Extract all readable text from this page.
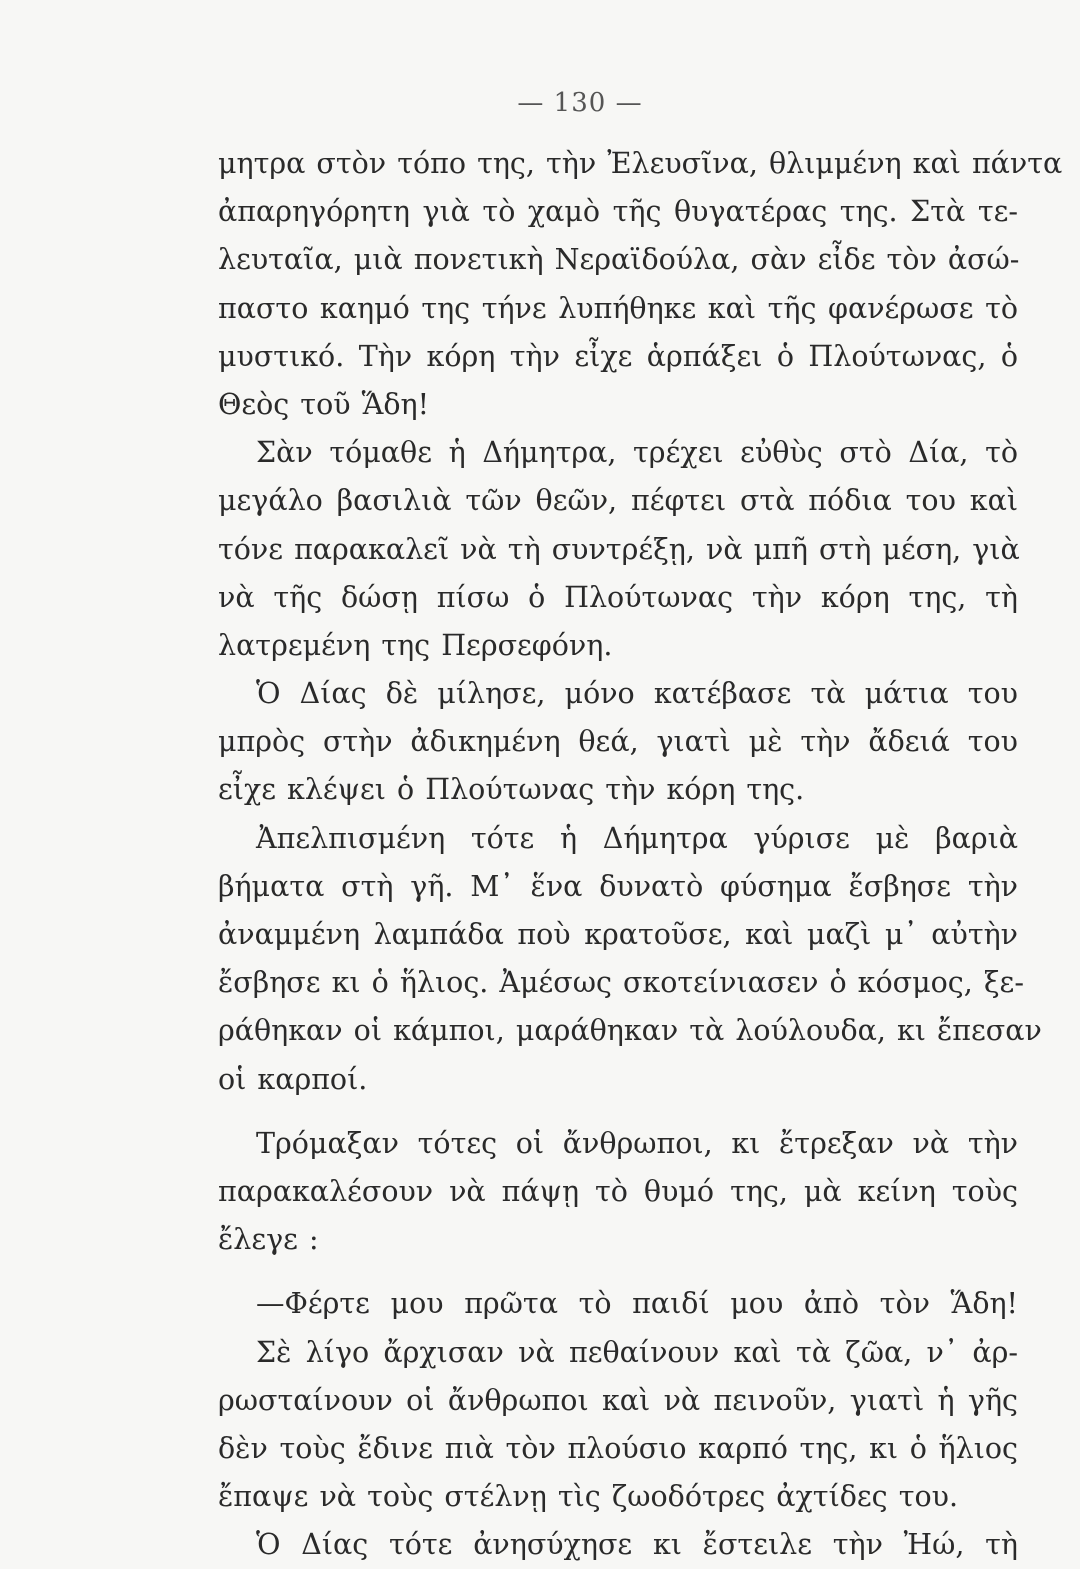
— 130 —
μητρα στὸν τόπο της, τὴν Ἐλευσῖνα, θλιμμένη καὶ πάντα
ἀπαρηγόρητη γιὰ τὸ χαμὸ τῆς θυγατέρας της. Στὰ τε-
λευταῖα, μιὰ πονετικὴ Νεραϊδούλα, σὰν εἶδε τὸν ἀσώ-
παστο καημό της τήνε λυπήθηκε καὶ τῆς φανέρωσε τὸ
μυστικό. Τὴν κόρη τὴν εἶχε ἁρπάξει ὁ Πλούτωνας, ὁ
Θεὸς τοῦ Ἅδη!
Σὰν τόμαθε ἡ Δήμητρα, τρέχει εὐθὺς στὸ Δία, τὸ
μεγάλο βασιλιὰ τῶν θεῶν, πέφτει στὰ πόδια του καὶ
τόνε παρακαλεῖ νὰ τὴ συντρέξῃ, νὰ μπῆ στὴ μέση, γιὰ
νὰ τῆς δώσῃ πίσω ὁ Πλούτωνας τὴν κόρη της, τὴ
λατρεμένη της Περσεφόνη.
Ὁ Δίας δὲ μίλησε, μόνο κατέβασε τὰ μάτια του
μπρὸς στὴν ἀδικημένη θεά, γιατὶ μὲ τὴν ἄδειά του
εἶχε κλέψει ὁ Πλούτωνας τὴν κόρη της.
Ἀπελπισμένη τότε ἡ Δήμητρα γύρισε μὲ βαριὰ
βήματα στὴ γῆ. Μ᾽ ἕνα δυνατὸ φύσημα ἔσβησε τὴν
ἀναμμένη λαμπάδα ποὺ κρατοῦσε, καὶ μαζὶ μ᾽ αὐτὴν
ἔσβησε κι ὁ ἥλιος. Ἀμέσως σκοτείνιασεν ὁ κόσμος, ξε-
ράθηκαν οἱ κάμποι, μαράθηκαν τὰ λούλουδα, κι ἔπεσαν
οἱ καρποί.
Τρόμαξαν τότες οἱ ἄνθρωποι, κι ἔτρεξαν νὰ τὴν
παρακαλέσουν νὰ πάψῃ τὸ θυμό της, μὰ κείνη τοὺς
ἔλεγε :
—Φέρτε μου πρῶτα τὸ παιδί μου ἀπὸ τὸν Ἅδη!
Σὲ λίγο ἄρχισαν νὰ πεθαίνουν καὶ τὰ ζῶα, ν᾽ ἀρ-
ρωσταίνουν οἱ ἄνθρωποι καὶ νὰ πεινοῦν, γιατὶ ἡ γῆς
δὲν τοὺς ἔδινε πιὰ τὸν πλούσιο καρπό της, κι ὁ ἥλιος
ἔπαψε νὰ τοὺς στέλνῃ τὶς ζωοδότρες ἀχτίδες του.
Ὁ Δίας τότε ἀνησύχησε κι ἔστειλε τὴν Ἠώ, τὴ
